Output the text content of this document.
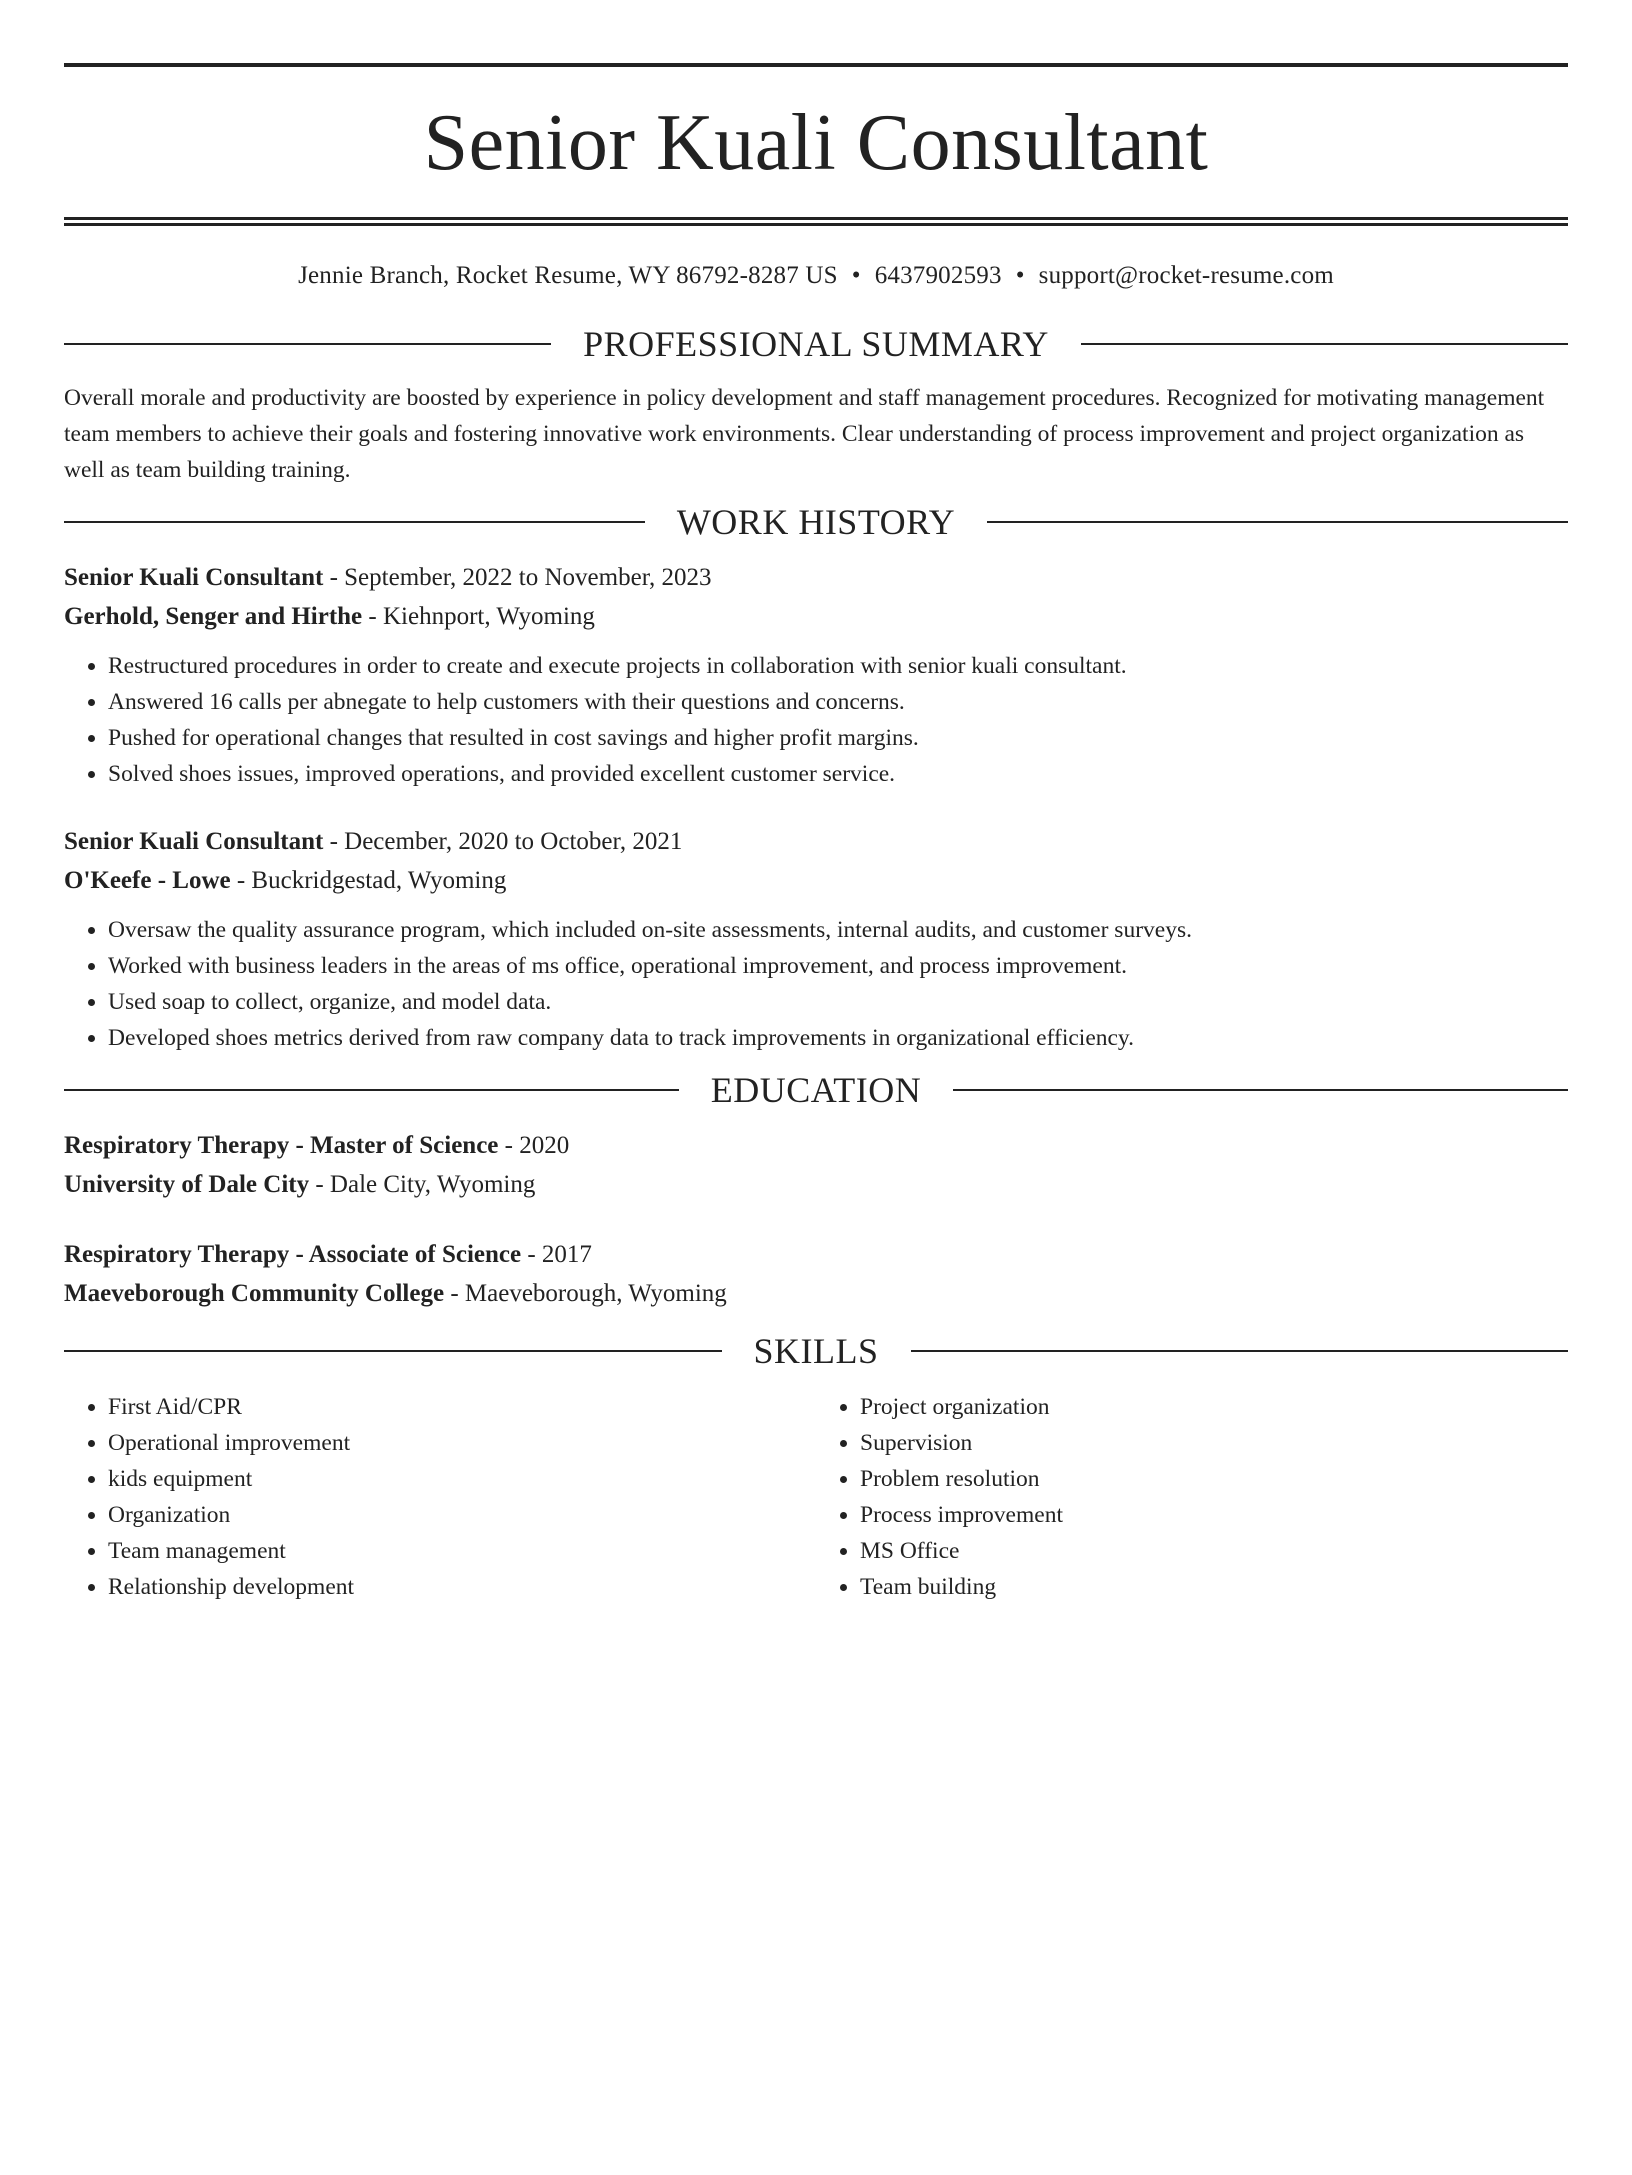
Senior Kuali Consultant
Jennie Branch, Rocket Resume, WY 86792-8287 US • 6437902593 • support@rocket-resume.com
PROFESSIONAL SUMMARY

Overall morale and productivity are boosted by experience in policy development and staff management procedures. Recognized for motivating management team members to achieve their goals and fostering innovative work environments. Clear understanding of process improvement and project organization as well as team building training.

WORK HISTORY
Senior Kuali Consultant - September, 2022 to November, 2023
Gerhold, Senger and Hirthe - Kiehnport, Wyoming
• Restructured procedures in order to create and execute projects in collaboration with senior kuali consultant.
• Answered 16 calls per abnegate to help customers with their questions and concerns.
• Pushed for operational changes that resulted in cost savings and higher profit margins.
• Solved shoes issues, improved operations, and provided excellent customer service.
Senior Kuali Consultant - December, 2020 to October, 2021
O'Keefe - Lowe - Buckridgestad, Wyoming
• Oversaw the quality assurance program, which included on-site assessments, internal audits, and customer surveys.
• Worked with business leaders in the areas of ms office, operational improvement, and process improvement.
• Used soap to collect, organize, and model data.
• Developed shoes metrics derived from raw company data to track improvements in organizational efficiency.
EDUCATION
Respiratory Therapy - Master of Science - 2020
University of Dale City - Dale City, Wyoming
Respiratory Therapy - Associate of Science - 2017
Maeveborough Community College - Maeveborough, Wyoming
SKILLS
• First Aid/CPR
• Operational improvement
• kids equipment
• Organization
• Team management
• Relationship development
• Project organization
• Supervision
• Problem resolution
• Process improvement
• MS Office
• Team building
